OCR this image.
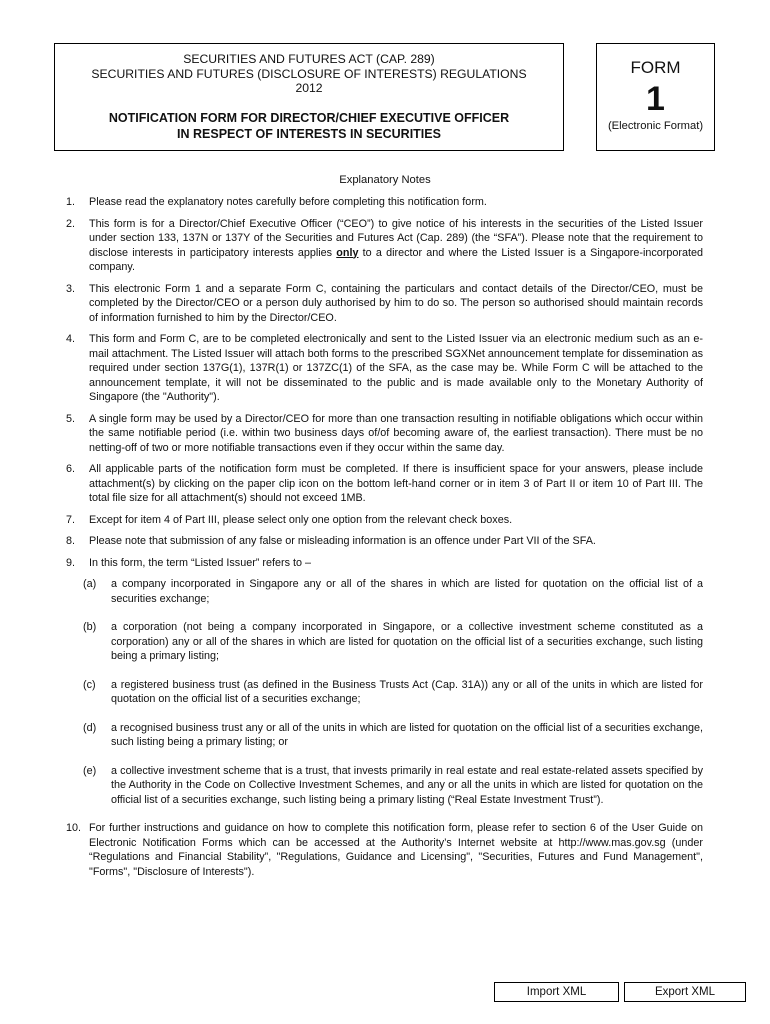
SECURITIES AND FUTURES ACT (CAP. 289)
SECURITIES AND FUTURES (DISCLOSURE OF INTERESTS) REGULATIONS
2012
NOTIFICATION FORM FOR DIRECTOR/CHIEF EXECUTIVE OFFICER
IN RESPECT OF INTERESTS IN SECURITIES
FORM
1
(Electronic Format)
Explanatory Notes
1.	Please read the explanatory notes carefully before completing this notification form.
2.	This form is for a Director/Chief Executive Officer (“CEO”) to give notice of his interests in the securities of the Listed Issuer under section 133, 137N or 137Y of the Securities and Futures Act (Cap. 289) (the “SFA”). Please note that the requirement to disclose interests in participatory interests applies only to a director and where the Listed Issuer is a Singapore-incorporated company.
3.	This electronic Form 1 and a separate Form C, containing the particulars and contact details of the Director/CEO, must be completed by the Director/CEO or a person duly authorised by him to do so. The person so authorised should maintain records of information furnished to him by the Director/CEO.
4.	This form and Form C, are to be completed electronically and sent to the Listed Issuer via an electronic medium such as an e-mail attachment. The Listed Issuer will attach both forms to the prescribed SGXNet announcement template for dissemination as required under section 137G(1), 137R(1) or 137ZC(1) of the SFA, as the case may be. While Form C will be attached to the announcement template, it will not be disseminated to the public and is made available only to the Monetary Authority of Singapore (the "Authority").
5.	A single form may be used by a Director/CEO for more than one transaction resulting in notifiable obligations which occur within the same notifiable period (i.e. within two business days of/of becoming aware of, the earliest transaction). There must be no netting-off of two or more notifiable transactions even if they occur within the same day.
6.	All applicable parts of the notification form must be completed. If there is insufficient space for your answers, please include attachment(s) by clicking on the paper clip icon on the bottom left-hand corner or in item 3 of Part II or item 10 of Part III. The total file size for all attachment(s) should not exceed 1MB.
7.	Except for item 4 of Part III, please select only one option from the relevant check boxes.
8.	Please note that submission of any false or misleading information is an offence under Part VII of the SFA.
9.	In this form, the term “Listed Issuer” refers to –
(a)	a company incorporated in Singapore any or all of the shares in which are listed for quotation on the official list of a securities exchange;
(b)	a corporation (not being a company incorporated in Singapore, or a collective investment scheme constituted as a corporation) any or all of the shares in which are listed for quotation on the official list of a securities exchange, such listing being a primary listing;
(c)	a registered business trust (as defined in the Business Trusts Act (Cap. 31A)) any or all of the units in which are listed for quotation on the official list of a securities exchange;
(d)	a recognised business trust any or all of the units in which are listed for quotation on the official list of a securities exchange, such listing being a primary listing; or
(e)	a collective investment scheme that is a trust, that invests primarily in real estate and real estate-related assets specified by the Authority in the Code on Collective Investment Schemes, and any or all the units in which are listed for quotation on the official list of a securities exchange, such listing being a primary listing (“Real Estate Investment Trust”).
10. For further instructions and guidance on how to complete this notification form, please refer to section 6 of the User Guide on Electronic Notification Forms which can be accessed at the Authority’s Internet website at http://www.mas.gov.sg (under “Regulations and Financial Stability”, "Regulations, Guidance and Licensing", "Securities, Futures and Fund Management", "Forms", "Disclosure of Interests").
Import XML	Export XML
